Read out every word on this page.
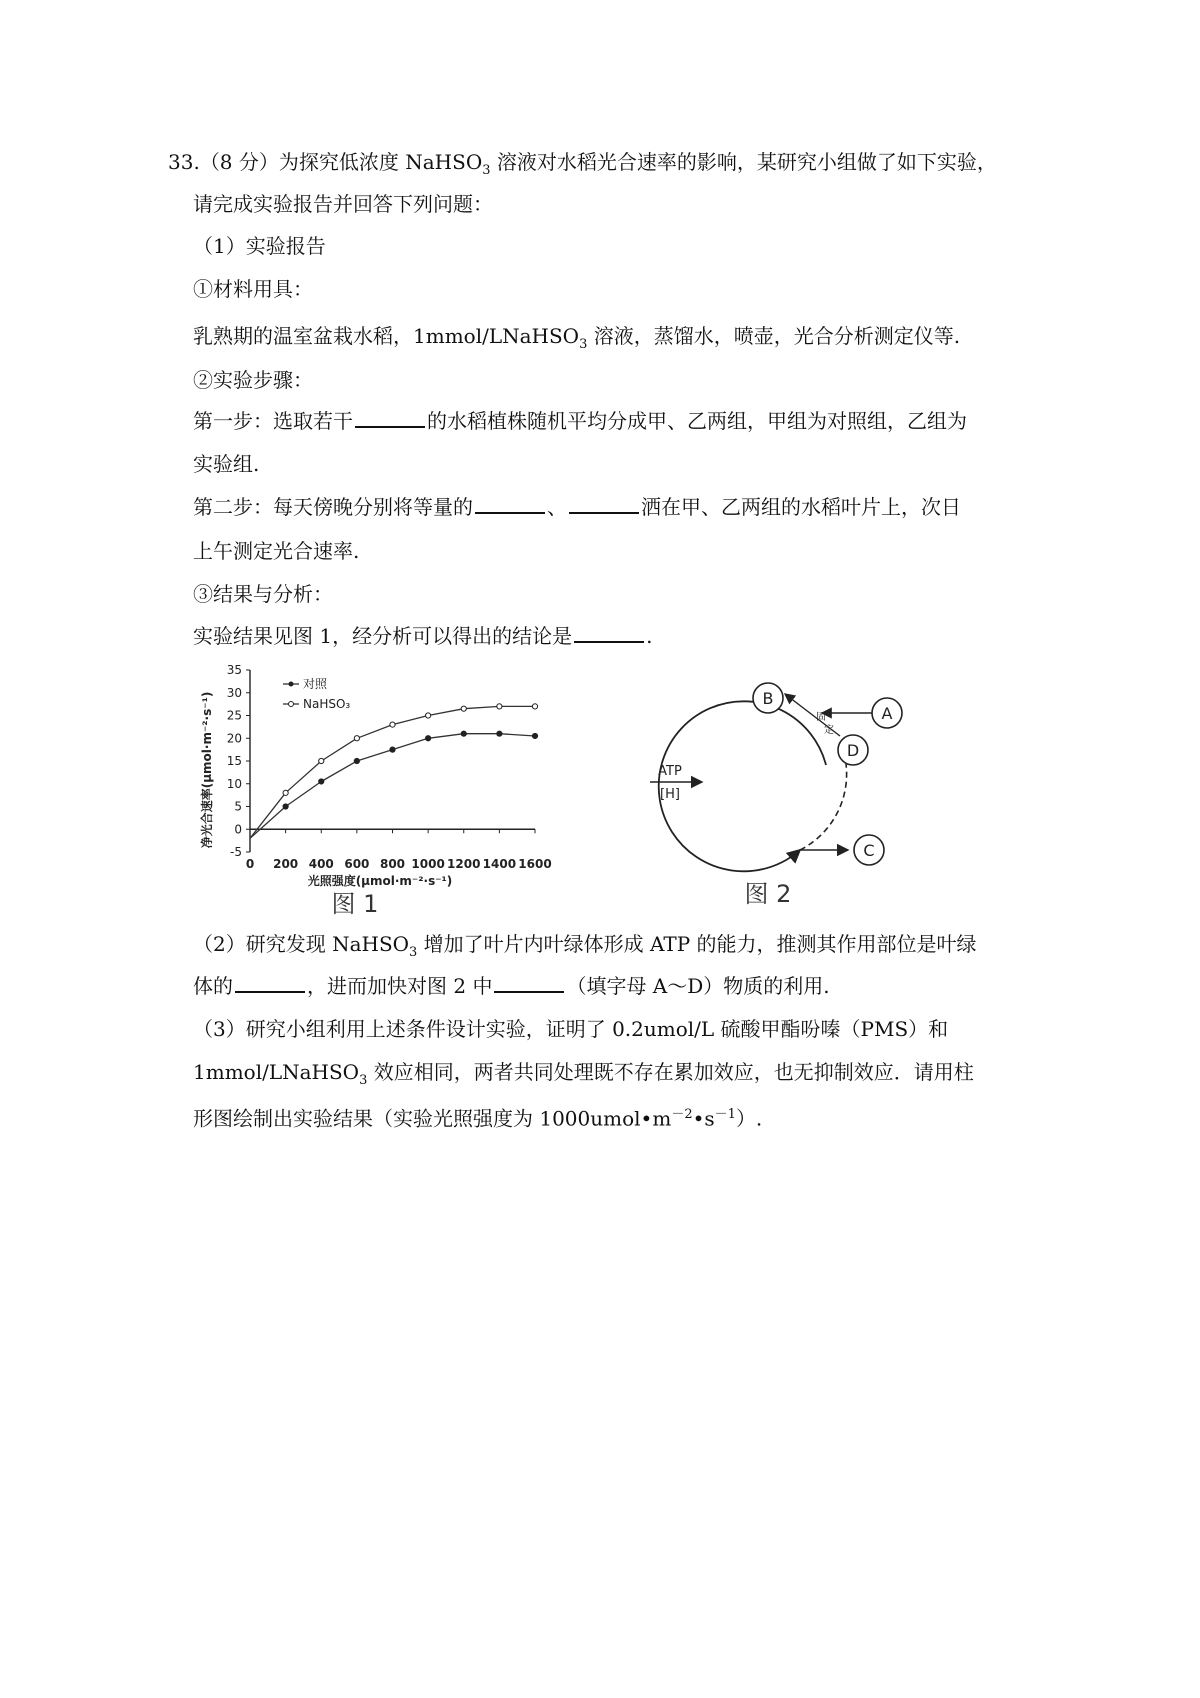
33.（8 分）为探究低浓度 NaHSO$_3$ 溶液对水稻光合速率的影响，某研究小组做了如下实验，
请完成实验报告并回答下列问题：
（1）实验报告
①材料用具：
乳熟期的温室盆栽水稻，1mmol/LNaHSO$_3$ 溶液，蒸馏水，喷壶，光合分析测定仪等.
②实验步骤：
第一步：选取若干	的水稻植株随机平均分成甲、乙两组，甲组为对照组，乙组为
实验组.
第二步：每天傍晚分别将等量的	、	洒在甲、乙两组的水稻叶片上，次日
上午测定光合速率.
③结果与分析：
实验结果见图 1，经分析可以得出的结论是	.
-5
0
5
10
15
20
25
30
35
0 200 400 600 800 1000 1200 1400 1600
对照
NaHSO₃
光照强度(μmol·m⁻²·s⁻¹)
净光合速率(μmol·m⁻²·s⁻¹)
图 1
B
D
A
固
定
ATP
[H]
C
图 2
（2）研究发现 NaHSO$_3$ 增加了叶片内叶绿体形成 ATP 的能力，推测其作用部位是叶绿
体的	，进而加快对图 2 中	（填字母 A～D）物质的利用.
（3）研究小组利用上述条件设计实验，证明了 0.2umol/L 硫酸甲酯吩嗪（PMS）和
1mmol/LNaHSO$_3$ 效应相同，两者共同处理既不存在累加效应，也无抑制效应．请用柱
形图绘制出实验结果（实验光照强度为 $1000umol•m^{-2}•s^{-1}$）.
